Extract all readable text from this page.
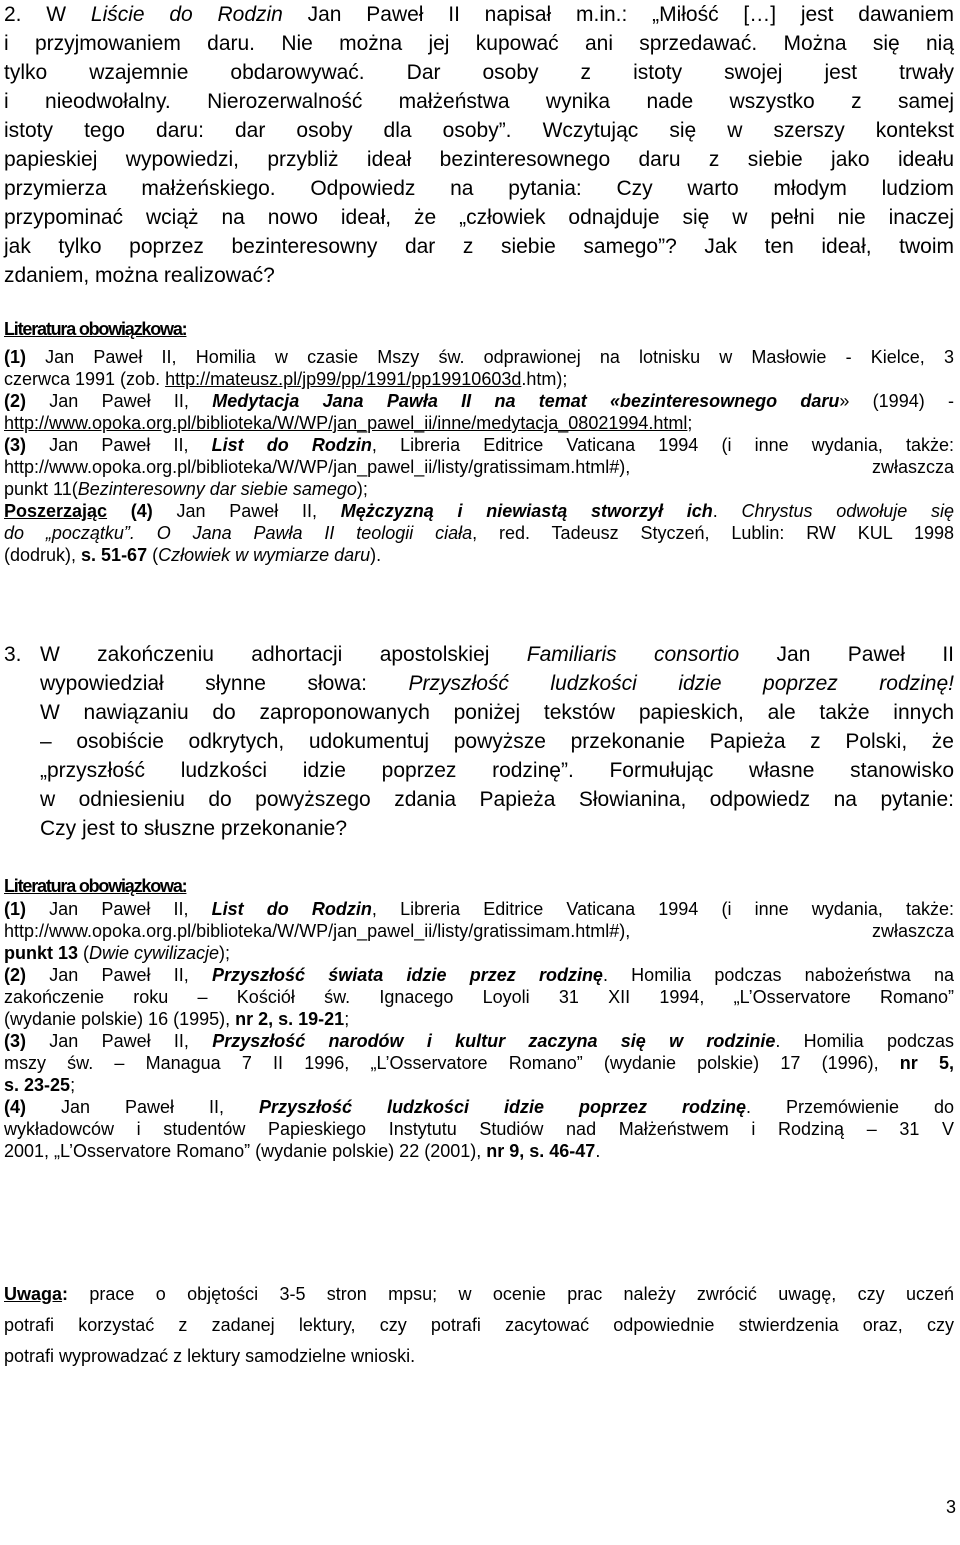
2. W Liście do Rodzin Jan Paweł II napisał m.in.: „Miłość […] jest dawaniem
i przyjmowaniem daru. Nie można jej kupować ani sprzedawać. Można się nią
tylko wzajemnie obdarowywać. Dar osoby z istoty swojej jest trwały
i nieodwołalny. Nierozerwalność małżeństwa wynika nade wszystko z samej
istoty tego daru: dar osoby dla osoby”. Wczytując się w szerszy kontekst
papieskiej wypowiedzi, przybliż ideał bezinteresownego daru z siebie jako ideału
przymierza małżeńskiego. Odpowiedz na pytania: Czy warto młodym ludziom
przypominać wciąż na nowo ideał, że „człowiek odnajduje się w pełni nie inaczej
jak tylko poprzez bezinteresowny dar z siebie samego”? Jak ten ideał, twoim
zdaniem, można realizować?
Literatura obowiązkowa:
(1) Jan Paweł II, Homilia w czasie Mszy św. odprawionej na lotnisku w Masłowie - Kielce, 3
czerwca 1991 (zob. http://mateusz.pl/jp99/pp/1991/pp19910603d.htm);
(2) Jan Paweł II, Medytacja Jana Pawła II na temat «bezinteresownego daru» (1994) -
http://www.opoka.org.pl/biblioteka/W/WP/jan_pawel_ii/inne/medytacja_08021994.html;
(3) Jan Paweł II, List do Rodzin, Libreria Editrice Vaticana 1994 (i inne wydania, także:
http://www.opoka.org.pl/biblioteka/W/WP/jan_pawel_ii/listy/gratissimam.html#), zwłaszcza
punkt 11(Bezinteresowny dar siebie samego);
Poszerzając (4) Jan Paweł II, Mężczyzną i niewiastą stworzył ich. Chrystus odwołuje się
do „początku”. O Jana Pawła II teologii ciała, red. Tadeusz Styczeń, Lublin: RW KUL 1998
(dodruk), s. 51-67 (Człowiek w wymiarze daru).
3. W zakończeniu adhortacji apostolskiej Familiaris consortio Jan Paweł II
wypowiedział słynne słowa: Przyszłość ludzkości idzie poprzez rodzinę!
W nawiązaniu do zaproponowanych poniżej tekstów papieskich, ale także innych
– osobiście odkrytych, udokumentuj powyższe przekonanie Papieża z Polski, że
„przyszłość ludzkości idzie poprzez rodzinę”. Formułując własne stanowisko
w odniesieniu do powyższego zdania Papieża Słowianina, odpowiedz na pytanie:
Czy jest to słuszne przekonanie?
Literatura obowiązkowa:
(1) Jan Paweł II, List do Rodzin, Libreria Editrice Vaticana 1994 (i inne wydania, także:
http://www.opoka.org.pl/biblioteka/W/WP/jan_pawel_ii/listy/gratissimam.html#), zwłaszcza
punkt 13 (Dwie cywilizacje);
(2) Jan Paweł II, Przyszłość świata idzie przez rodzinę. Homilia podczas nabożeństwa na
zakończenie roku – Kościół św. Ignacego Loyoli 31 XII 1994, „L’Osservatore Romano”
(wydanie polskie) 16 (1995), nr 2, s. 19-21;
(3) Jan Paweł II, Przyszłość narodów i kultur zaczyna się w rodzinie. Homilia podczas
mszy św. – Managua 7 II 1996, „L’Osservatore Romano” (wydanie polskie) 17 (1996), nr 5,
s. 23-25;
(4) Jan Paweł II, Przyszłość ludzkości idzie poprzez rodzinę. Przemówienie do
wykładowców i studentów Papieskiego Instytutu Studiów nad Małżeństwem i Rodziną – 31 V
2001, „L’Osservatore Romano” (wydanie polskie) 22 (2001), nr 9, s. 46-47.
Uwaga: prace o objętości 3-5 stron mpsu; w ocenie prac należy zwrócić uwagę, czy uczeń
potrafi korzystać z zadanej lektury, czy potrafi zacytować odpowiednie stwierdzenia oraz, czy
potrafi wyprowadzać z lektury samodzielne wnioski.
3
